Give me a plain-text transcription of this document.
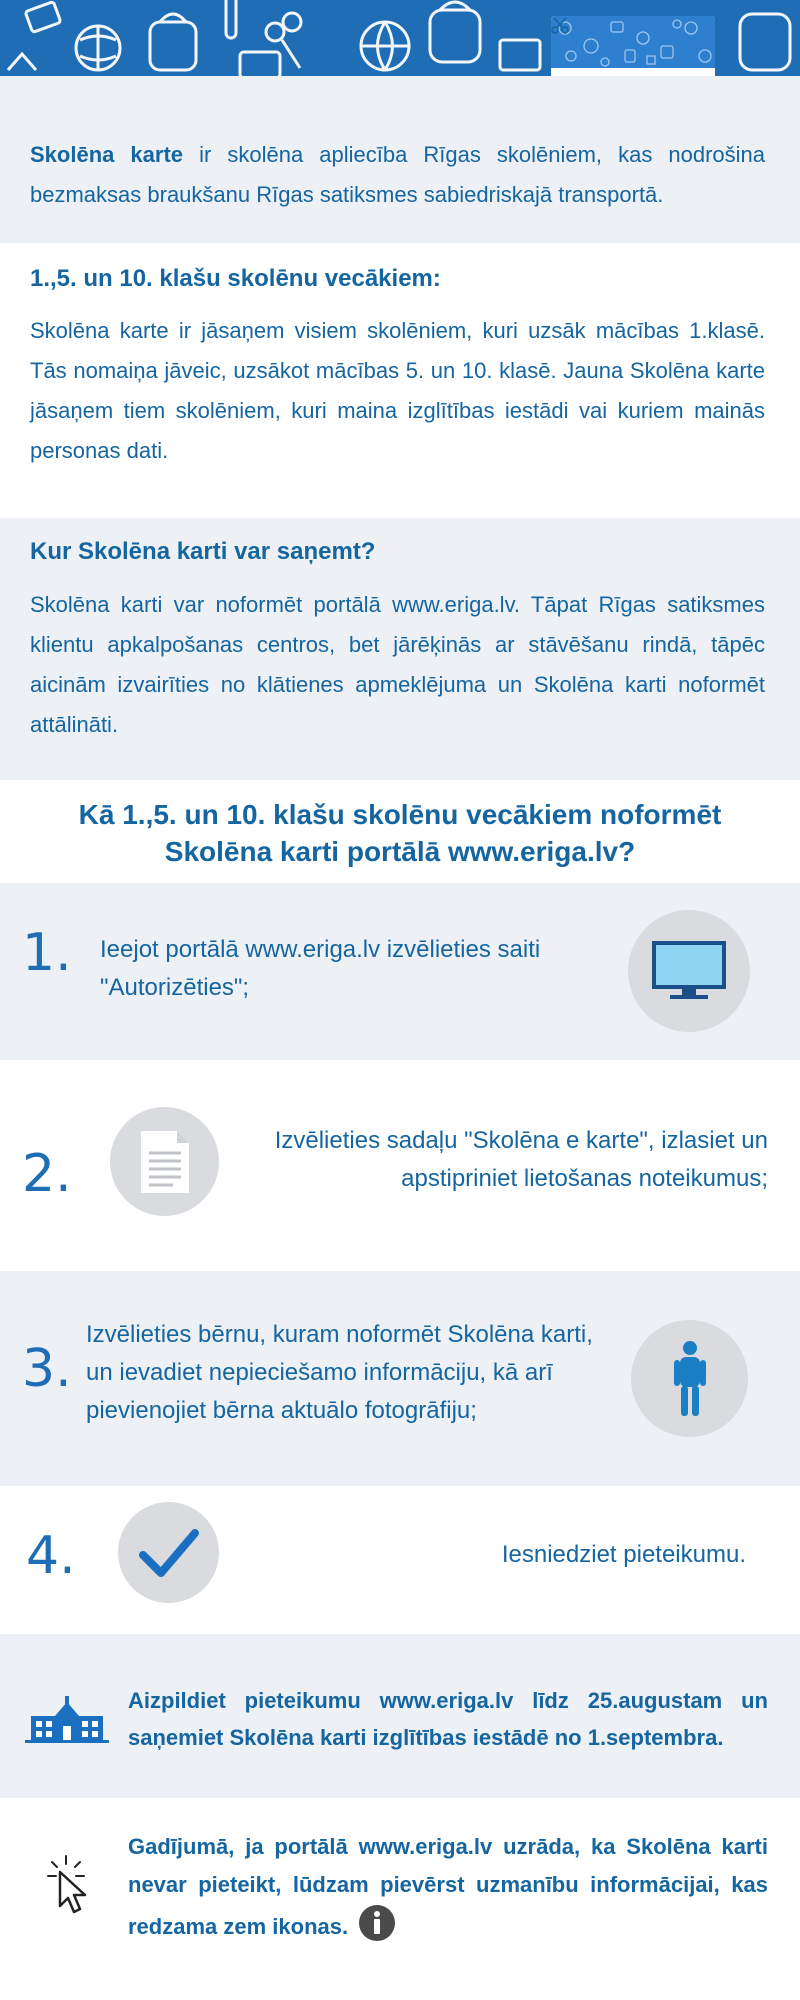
Skolēna karte ir skolēna apliecība Rīgas skolēniem, kas nodrošina bezmaksas braukšanu Rīgas satiksmes sabiedriskajā transportā.

1.,5. un 10. klašu skolēnu vecākiem:

Skolēna karte ir jāsaņem visiem skolēniem, kuri uzsāk mācības 1.klasē. Tās nomaiņa jāveic, uzsākot mācības 5. un 10. klasē. Jauna Skolēna karte jāsaņem tiem skolēniem, kuri maina izglītības iestādi vai kuriem mainās personas dati.

Kur Skolēna karti var saņemt?

Skolēna karti var noformēt portālā www.eriga.lv. Tāpat Rīgas satiksmes klientu apkalpošanas centros, bet jārēķinās ar stāvēšanu rindā, tāpēc aicinām izvairīties no klātienes apmeklējuma un Skolēna karti noformēt attālināti.

Kā 1.,5. un 10. klašu skolēnu vecākiem noformēt
Skolēna karti portālā www.eriga.lv?
1. Ieejot portālā www.eriga.lv izvēlieties saiti "Autorizēties";
2.
Izvēlieties sadaļu "Skolēna e karte", izlasiet un apstipriniet lietošanas noteikumus;
3.
Izvēlieties bērnu, kuram noformēt Skolēna karti, un ievadiet nepieciešamo informāciju, kā arī pievienojiet bērna aktuālo fotogrāfiju;
4.	Iesniedziet pieteikumu.

Aizpildiet pieteikumu www.eriga.lv līdz 25.augustam un saņemiet Skolēna karti izglītības iestādē no 1.septembra.

Gadījumā, ja portālā www.eriga.lv uzrāda, ka Skolēna karti nevar pieteikt, lūdzam pievērst uzmanību informācijai, kas redzama zem ikonas.
